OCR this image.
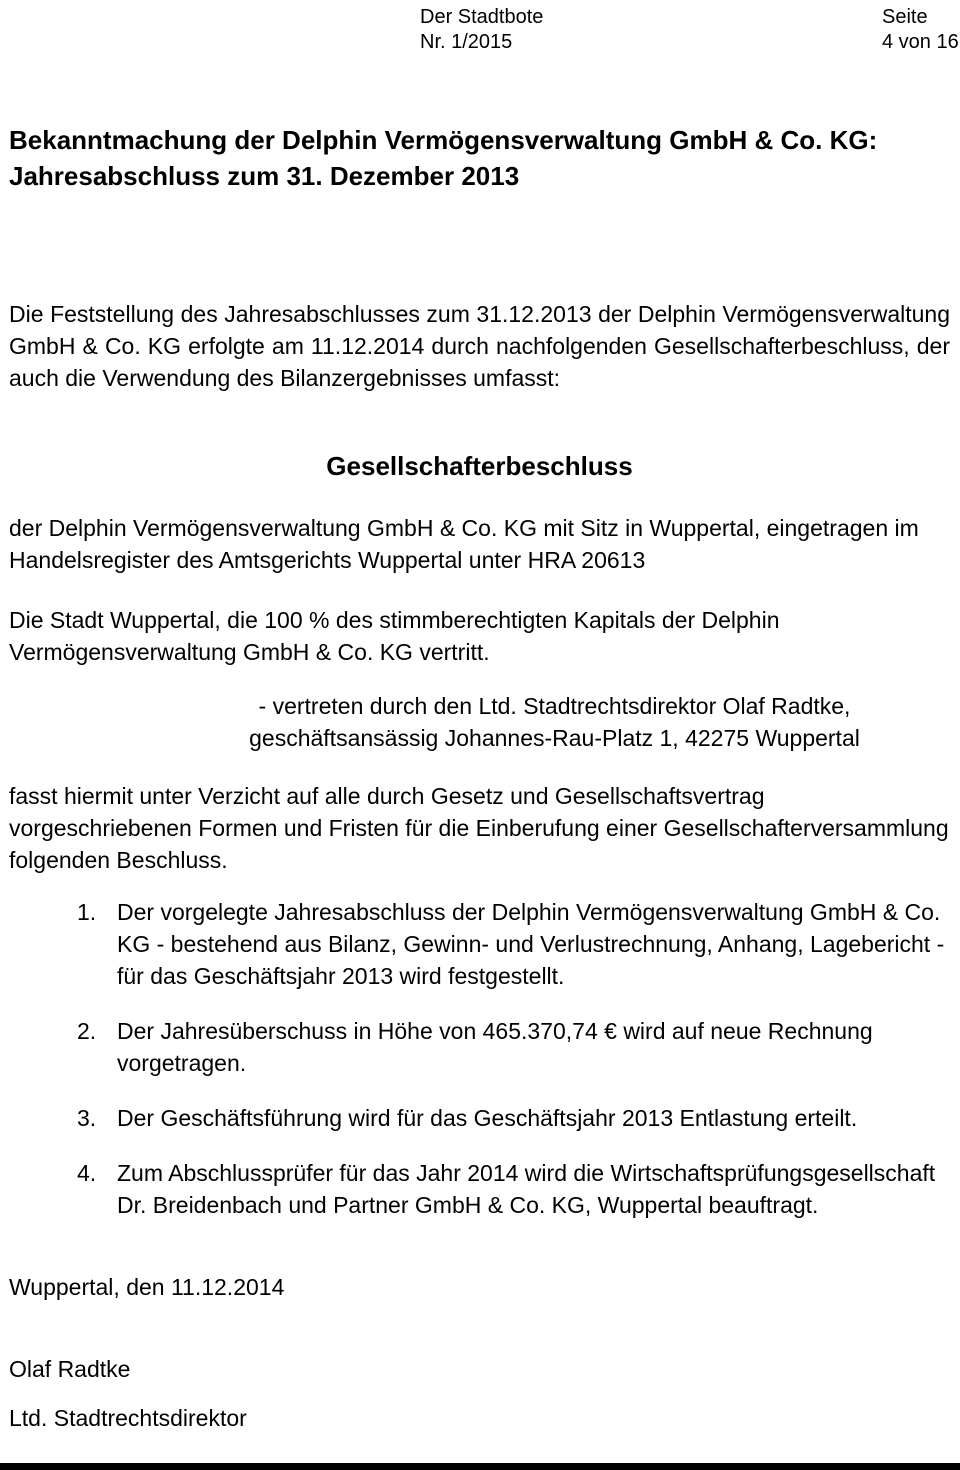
Der Stadtbote
Nr. 1/2015
Seite
4 von 16
Bekanntmachung der Delphin Vermögensverwaltung GmbH & Co. KG:
Jahresabschluss zum 31. Dezember 2013

Die Feststellung des Jahresabschlusses zum 31.12.2013 der Delphin Vermögensverwaltung GmbH & Co. KG erfolgte am 11.12.2014 durch nachfolgenden Gesellschafterbeschluss, der auch die Verwendung des Bilanzergebnisses umfasst:

Gesellschafterbeschluss

der Delphin Vermögensverwaltung GmbH & Co. KG mit Sitz in Wuppertal, eingetragen im Handelsregister des Amtsgerichts Wuppertal unter HRA 20613

Die Stadt Wuppertal, die 100 % des stimmberechtigten Kapitals der Delphin Vermögensverwaltung GmbH & Co. KG vertritt.

- vertreten durch den Ltd. Stadtrechtsdirektor Olaf Radtke,
geschäftsansässig Johannes-Rau-Platz 1, 42275 Wuppertal

fasst hiermit unter Verzicht auf alle durch Gesetz und Gesellschaftsvertrag vorgeschriebenen Formen und Fristen für die Einberufung einer Gesellschafterversammlung folgenden Beschluss.

1. Der vorgelegte Jahresabschluss der Delphin Vermögensverwaltung GmbH & Co. KG - bestehend aus Bilanz, Gewinn- und Verlustrechnung, Anhang, Lagebericht - für das Geschäftsjahr 2013 wird festgestellt.
2. Der Jahresüberschuss in Höhe von 465.370,74 € wird auf neue Rechnung vorgetragen.
3. Der Geschäftsführung wird für das Geschäftsjahr 2013 Entlastung erteilt.
4. Zum Abschlussprüfer für das Jahr 2014 wird die Wirtschaftsprüfungsgesellschaft Dr. Breidenbach und Partner GmbH & Co. KG, Wuppertal beauftragt.

Wuppertal, den 11.12.2014

Olaf Radtke

Ltd. Stadtrechtsdirektor
